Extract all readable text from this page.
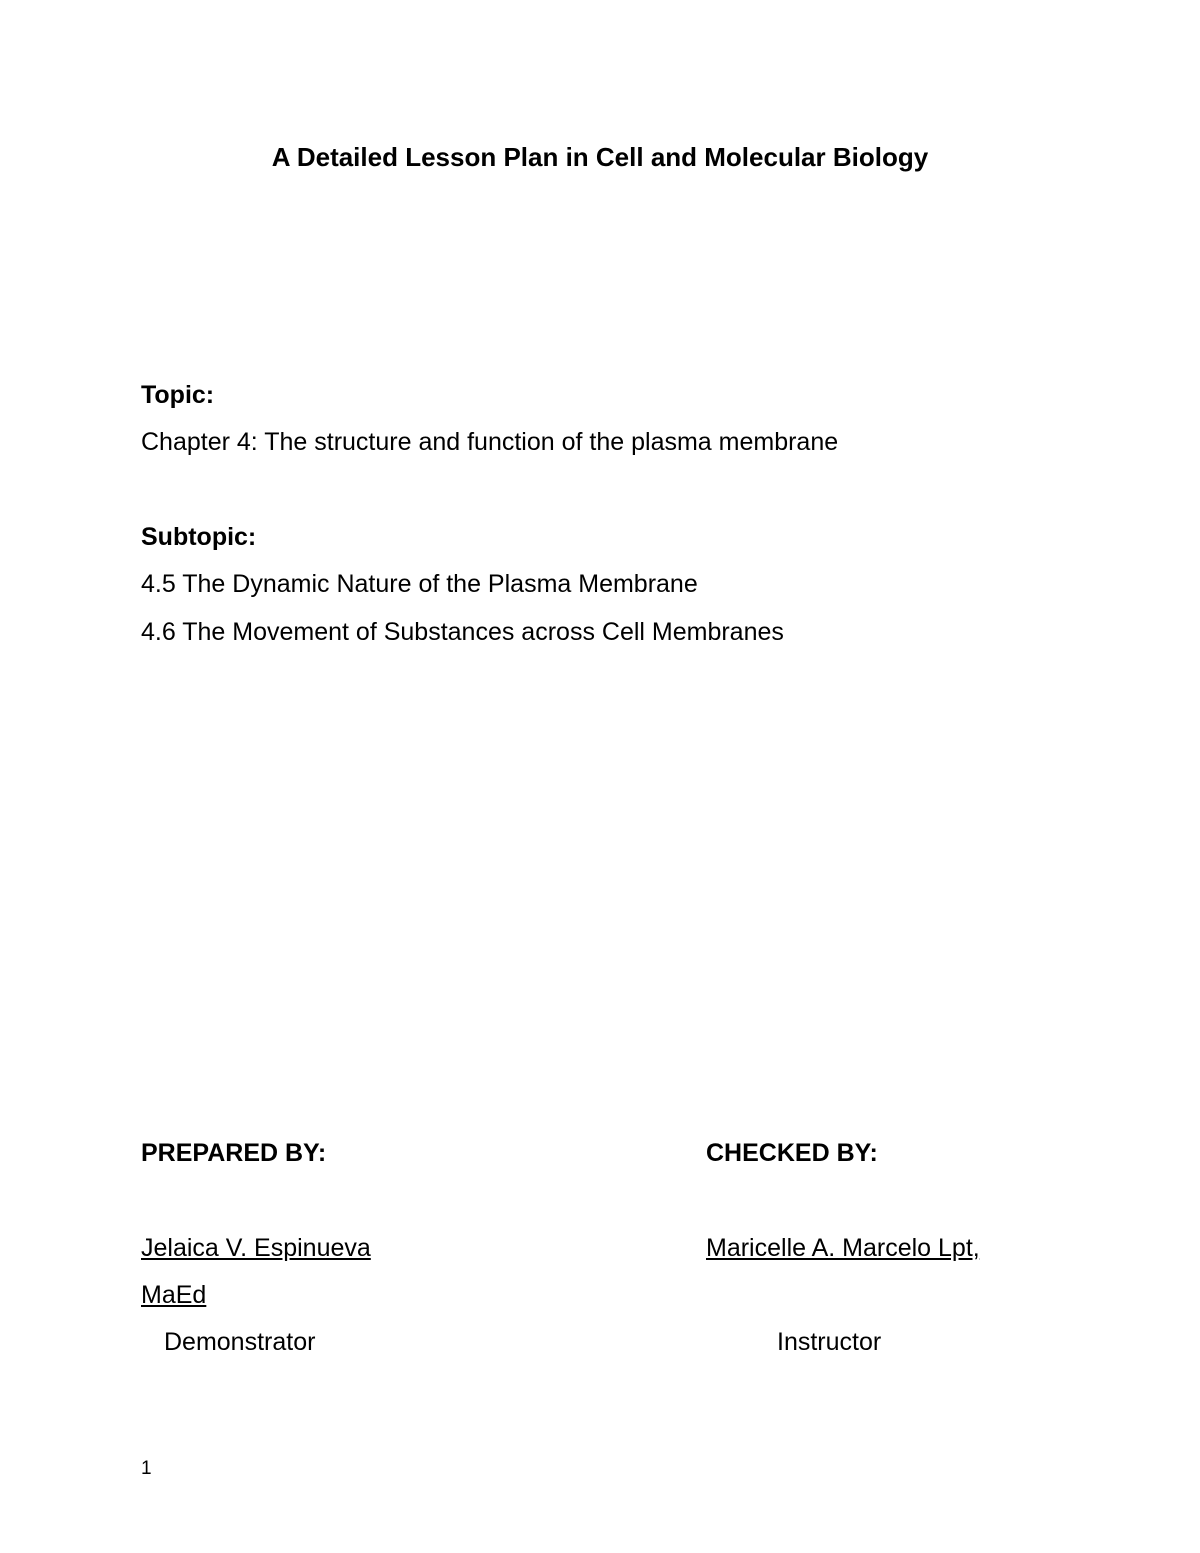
A Detailed Lesson Plan in Cell and Molecular Biology
Topic:
Chapter 4: The structure and function of the plasma membrane
Subtopic:
4.5 The Dynamic Nature of the Plasma Membrane
4.6 The Movement of Substances across Cell Membranes
PREPARED BY:	CHECKED BY:
Jelaica V. Espinueva	Maricelle A. Marcelo Lpt,
MaEd
Demonstrator	Instructor
1
